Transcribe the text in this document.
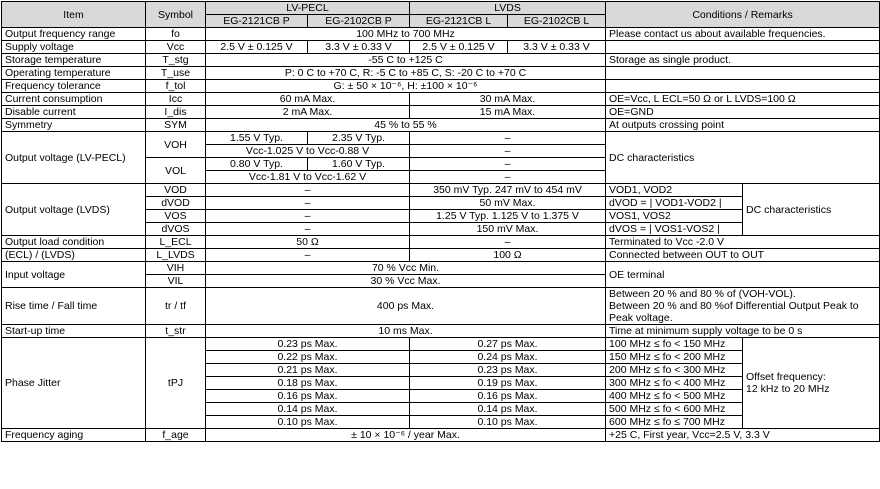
Item	Symbol	LV-PECL		LVDS		Conditions / Remarks	
		EG-2121CB P	EG-2102CB P	EG-2121CB L	EG-2102CB L		
Output frequency range	fo	100 MHz to 700 MHz				Please contact us about available frequencies.	
Supply voltage	Vcc	2.5 V ± 0.125 V	3.3 V ± 0.33 V	2.5 V ± 0.125 V	3.3 V ± 0.33 V		
Storage temperature	T_stg	-55 C to +125 C				Storage as single product.	
Operating temperature	T_use	P: 0 C to +70 C, R: -5 C to +85 C, S: -20 C to +70 C					
Frequency tolerance	f_tol	G: ± 50 × 10⁻⁶, H: ±100 × 10⁻⁶					
Current consumption	Icc	60 mA Max.		30 mA Max.		OE=Vcc, L ECL=50 Ω or L LVDS=100 Ω	
Disable current	I_dis	2 mA Max.		15 mA Max.		OE=GND	
Symmetry	SYM	45 % to 55 %				At outputs crossing point	
Output voltage (LV-PECL)	VOH	1.55 V Typ.	2.35 V Typ.	–		DC characteristics	
		Vcc-1.025 V to Vcc-0.88 V		–			
	VOL	0.80 V Typ.	1.60 V Typ.	–			
		Vcc-1.81 V to Vcc-1.62 V		–			
Output voltage (LVDS)	VOD	–		350 mV Typ. 247 mV to 454 mV		VOD1, VOD2	DC characteristics
	dVOD	–		50 mV Max.		dVOD = | VOD1-VOD2 |	
	VOS	–		1.25 V Typ. 1.125 V to 1.375 V		VOS1, VOS2	
	dVOS	–		150 mV Max.		dVOS = | VOS1-VOS2 |	
Output load condition	L_ECL	50 Ω		–		Terminated to Vcc -2.0 V	
(ECL) / (LVDS)	L_LVDS	–		100 Ω		Connected between OUT to $\overline{OUT}$
Input voltage	VIH	70 % Vcc Min.				OE terminal	
	VIL	30 % Vcc Max.					
Rise time / Fall time	tr / tf	400 ps Max.				Between 20 % and 80 % of (VOH-VOL).
Between 20 % and 80 %of Differential Output Peak to Peak voltage.	

Start-up time	t_str	10 ms Max.				Time at minimum supply voltage to be 0 s	
Phase Jitter	tPJ	0.23 ps Max.		0.27 ps Max.		100 MHz ≤ fo < 150 MHz	Offset frequency:
12 kHz to 20 MHz

		0.22 ps Max.		0.24 ps Max.		150 MHz ≤ fo < 200 MHz	
		0.21 ps Max.		0.23 ps Max.		200 MHz ≤ fo < 300 MHz	
		0.18 ps Max.		0.19 ps Max.		300 MHz ≤ fo < 400 MHz	
		0.16 ps Max.		0.16 ps Max.		400 MHz ≤ fo < 500 MHz	
		0.14 ps Max.		0.14 ps Max.		500 MHz ≤ fo < 600 MHz	
		0.10 ps Max.		0.10 ps Max.		600 MHz ≤ fo ≤ 700 MHz	
Frequency aging	f_age	± 10 × 10⁻⁶ / year Max.				+25 C, First year, Vcc=2.5 V, 3.3 V	
